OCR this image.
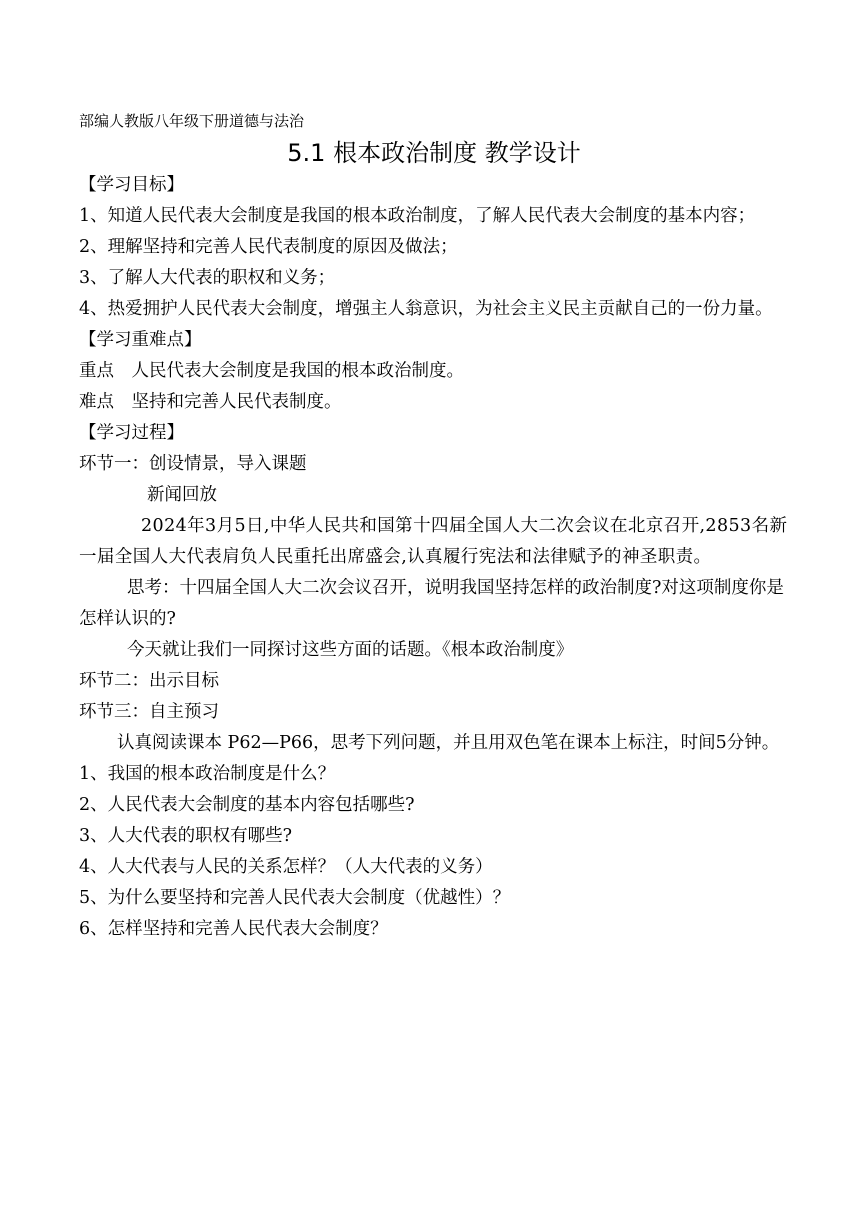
部编人教版八年级下册道德与法治

5.1 根本政治制度 教学设计

【学习目标】

1、知道人民代表大会制度是我国的根本政治制度，了解人民代表大会制度的基本内容；

2、理解坚持和完善人民代表制度的原因及做法；

3、了解人大代表的职权和义务；

4、热爱拥护人民代表大会制度，增强主人翁意识，为社会主义民主贡献自己的一份力量。

【学习重难点】

重点　人民代表大会制度是我国的根本政治制度。

难点　坚持和完善人民代表制度。

【学习过程】

环节一：创设情景，导入课题

新闻回放

2024年3月5日,中华人民共和国第十四届全国人大二次会议在北京召开,2853名新一届全国人大代表肩负人民重托出席盛会,认真履行宪法和法律赋予的神圣职责。

思考：十四届全国人大二次会议召开，说明我国坚持怎样的政治制度?对这项制度你是怎样认识的?

今天就让我们一同探讨这些方面的话题。《根本政治制度》

环节二：出示目标

环节三：自主预习

认真阅读课本 P62—P66，思考下列问题，并且用双色笔在课本上标注，时间5分钟。

1、我国的根本政治制度是什么？

2、人民代表大会制度的基本内容包括哪些?

3、人大代表的职权有哪些?

4、人大代表与人民的关系怎样？（人大代表的义务）

5、为什么要坚持和完善人民代表大会制度（优越性）？

6、怎样坚持和完善人民代表大会制度？
